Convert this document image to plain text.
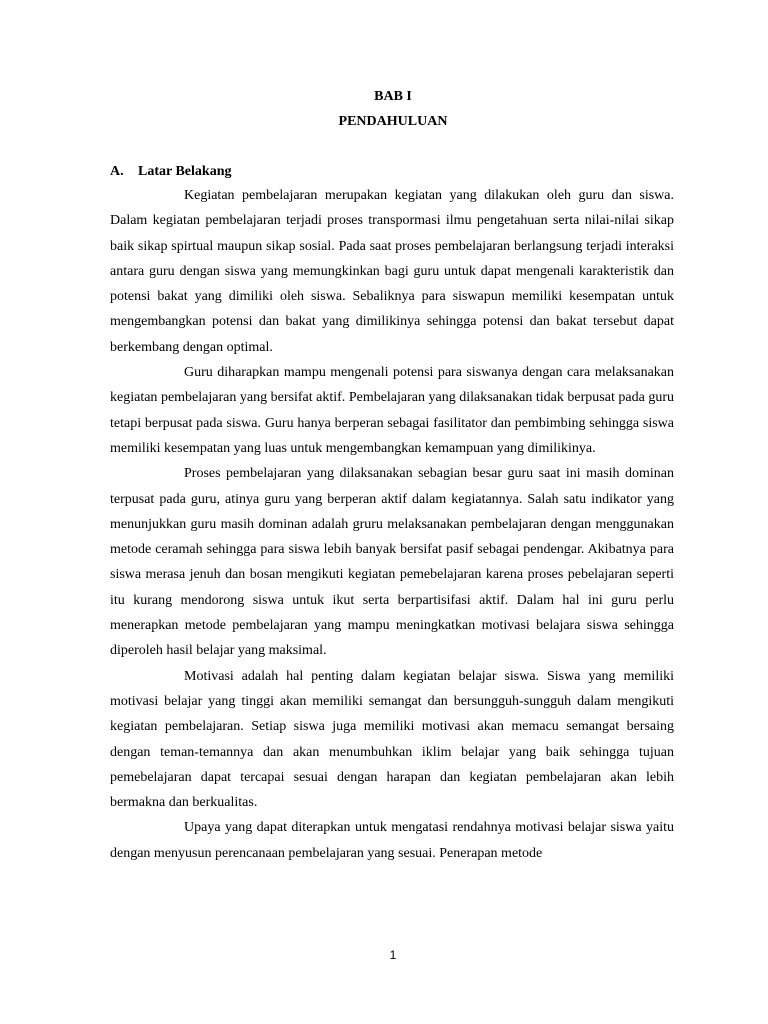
BAB I
PENDAHULUAN
A. Latar Belakang

Kegiatan pembelajaran merupakan kegiatan yang dilakukan oleh guru dan siswa. Dalam kegiatan pembelajaran terjadi proses transpormasi ilmu pengetahuan serta nilai-nilai sikap baik sikap spirtual maupun sikap sosial. Pada saat proses pembelajaran berlangsung terjadi interaksi antara guru dengan siswa yang memungkinkan bagi guru untuk dapat mengenali karakteristik dan potensi bakat yang dimiliki oleh siswa. Sebaliknya para siswapun memiliki kesempatan untuk mengembangkan potensi dan bakat yang dimilikinya sehingga potensi dan bakat tersebut dapat berkembang dengan optimal.

Guru diharapkan mampu mengenali potensi para siswanya dengan cara melaksanakan kegiatan pembelajaran yang bersifat aktif. Pembelajaran yang dilaksanakan tidak berpusat pada guru tetapi berpusat pada siswa. Guru hanya berperan sebagai fasilitator dan pembimbing sehingga siswa memiliki kesempatan yang luas untuk mengembangkan kemampuan yang dimilikinya.

Proses pembelajaran yang dilaksanakan sebagian besar guru saat ini masih dominan terpusat pada guru, atinya guru yang berperan aktif dalam kegiatannya. Salah satu indikator yang menunjukkan guru masih dominan adalah gruru melaksanakan pembelajaran dengan menggunakan metode ceramah sehingga para siswa lebih banyak bersifat pasif sebagai pendengar. Akibatnya para siswa merasa jenuh dan bosan mengikuti kegiatan pemebelajaran karena proses pebelajaran seperti itu kurang mendorong siswa untuk ikut serta berpartisifasi aktif. Dalam hal ini guru perlu menerapkan metode pembelajaran yang mampu meningkatkan motivasi belajara siswa sehingga diperoleh hasil belajar yang maksimal.

Motivasi adalah hal penting dalam kegiatan belajar siswa. Siswa yang memiliki motivasi belajar yang tinggi akan memiliki semangat dan bersungguh-sungguh dalam mengikuti kegiatan pembelajaran. Setiap siswa juga memiliki motivasi akan memacu semangat bersaing dengan teman-temannya dan akan menumbuhkan iklim belajar yang baik sehingga tujuan pemebelajaran dapat tercapai sesuai dengan harapan dan kegiatan pembelajaran akan lebih bermakna dan berkualitas.

Upaya yang dapat diterapkan untuk mengatasi rendahnya motivasi belajar siswa yaitu dengan menyusun perencanaan pembelajaran yang sesuai. Penerapan metode

1
